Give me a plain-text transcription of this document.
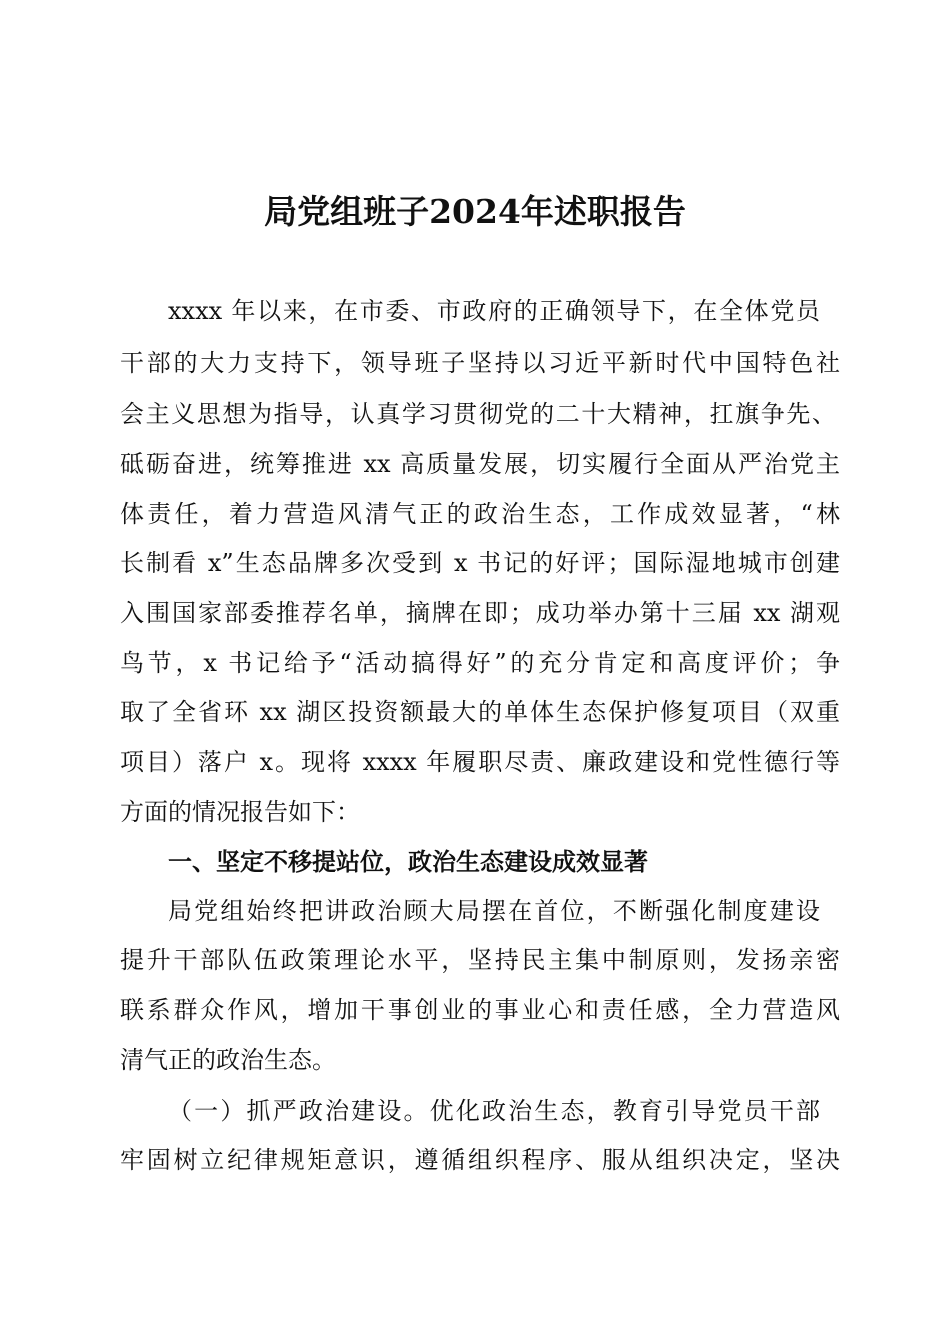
局党组班子2024年述职报告

xxxx 年以来，在市委、市政府的正确领导下，在全体党员

干部的大力支持下，领导班子坚持以习近平新时代中国特色社

会主义思想为指导，认真学习贯彻党的二十大精神，扛旗争先、

砥砺奋进，统筹推进 xx 高质量发展，切实履行全面从严治党主

体责任，着力营造风清气正的政治生态，工作成效显著，“林

长制看 x”生态品牌多次受到 x 书记的好评；国际湿地城市创建

入围国家部委推荐名单，摘牌在即；成功举办第十三届 xx 湖观

鸟节，x 书记给予“活动搞得好”的充分肯定和高度评价；争

取了全省环 xx 湖区投资额最大的单体生态保护修复项目（双重

项目）落户 x。现将 xxxx 年履职尽责、廉政建设和党性德行等

方面的情况报告如下：

一、坚定不移提站位，政治生态建设成效显著

局党组始终把讲政治顾大局摆在首位，不断强化制度建设

提升干部队伍政策理论水平，坚持民主集中制原则，发扬亲密

联系群众作风，增加干事创业的事业心和责任感，全力营造风

清气正的政治生态。

（一）抓严政治建设。优化政治生态，教育引导党员干部

牢固树立纪律规矩意识，遵循组织程序、服从组织决定，坚决
